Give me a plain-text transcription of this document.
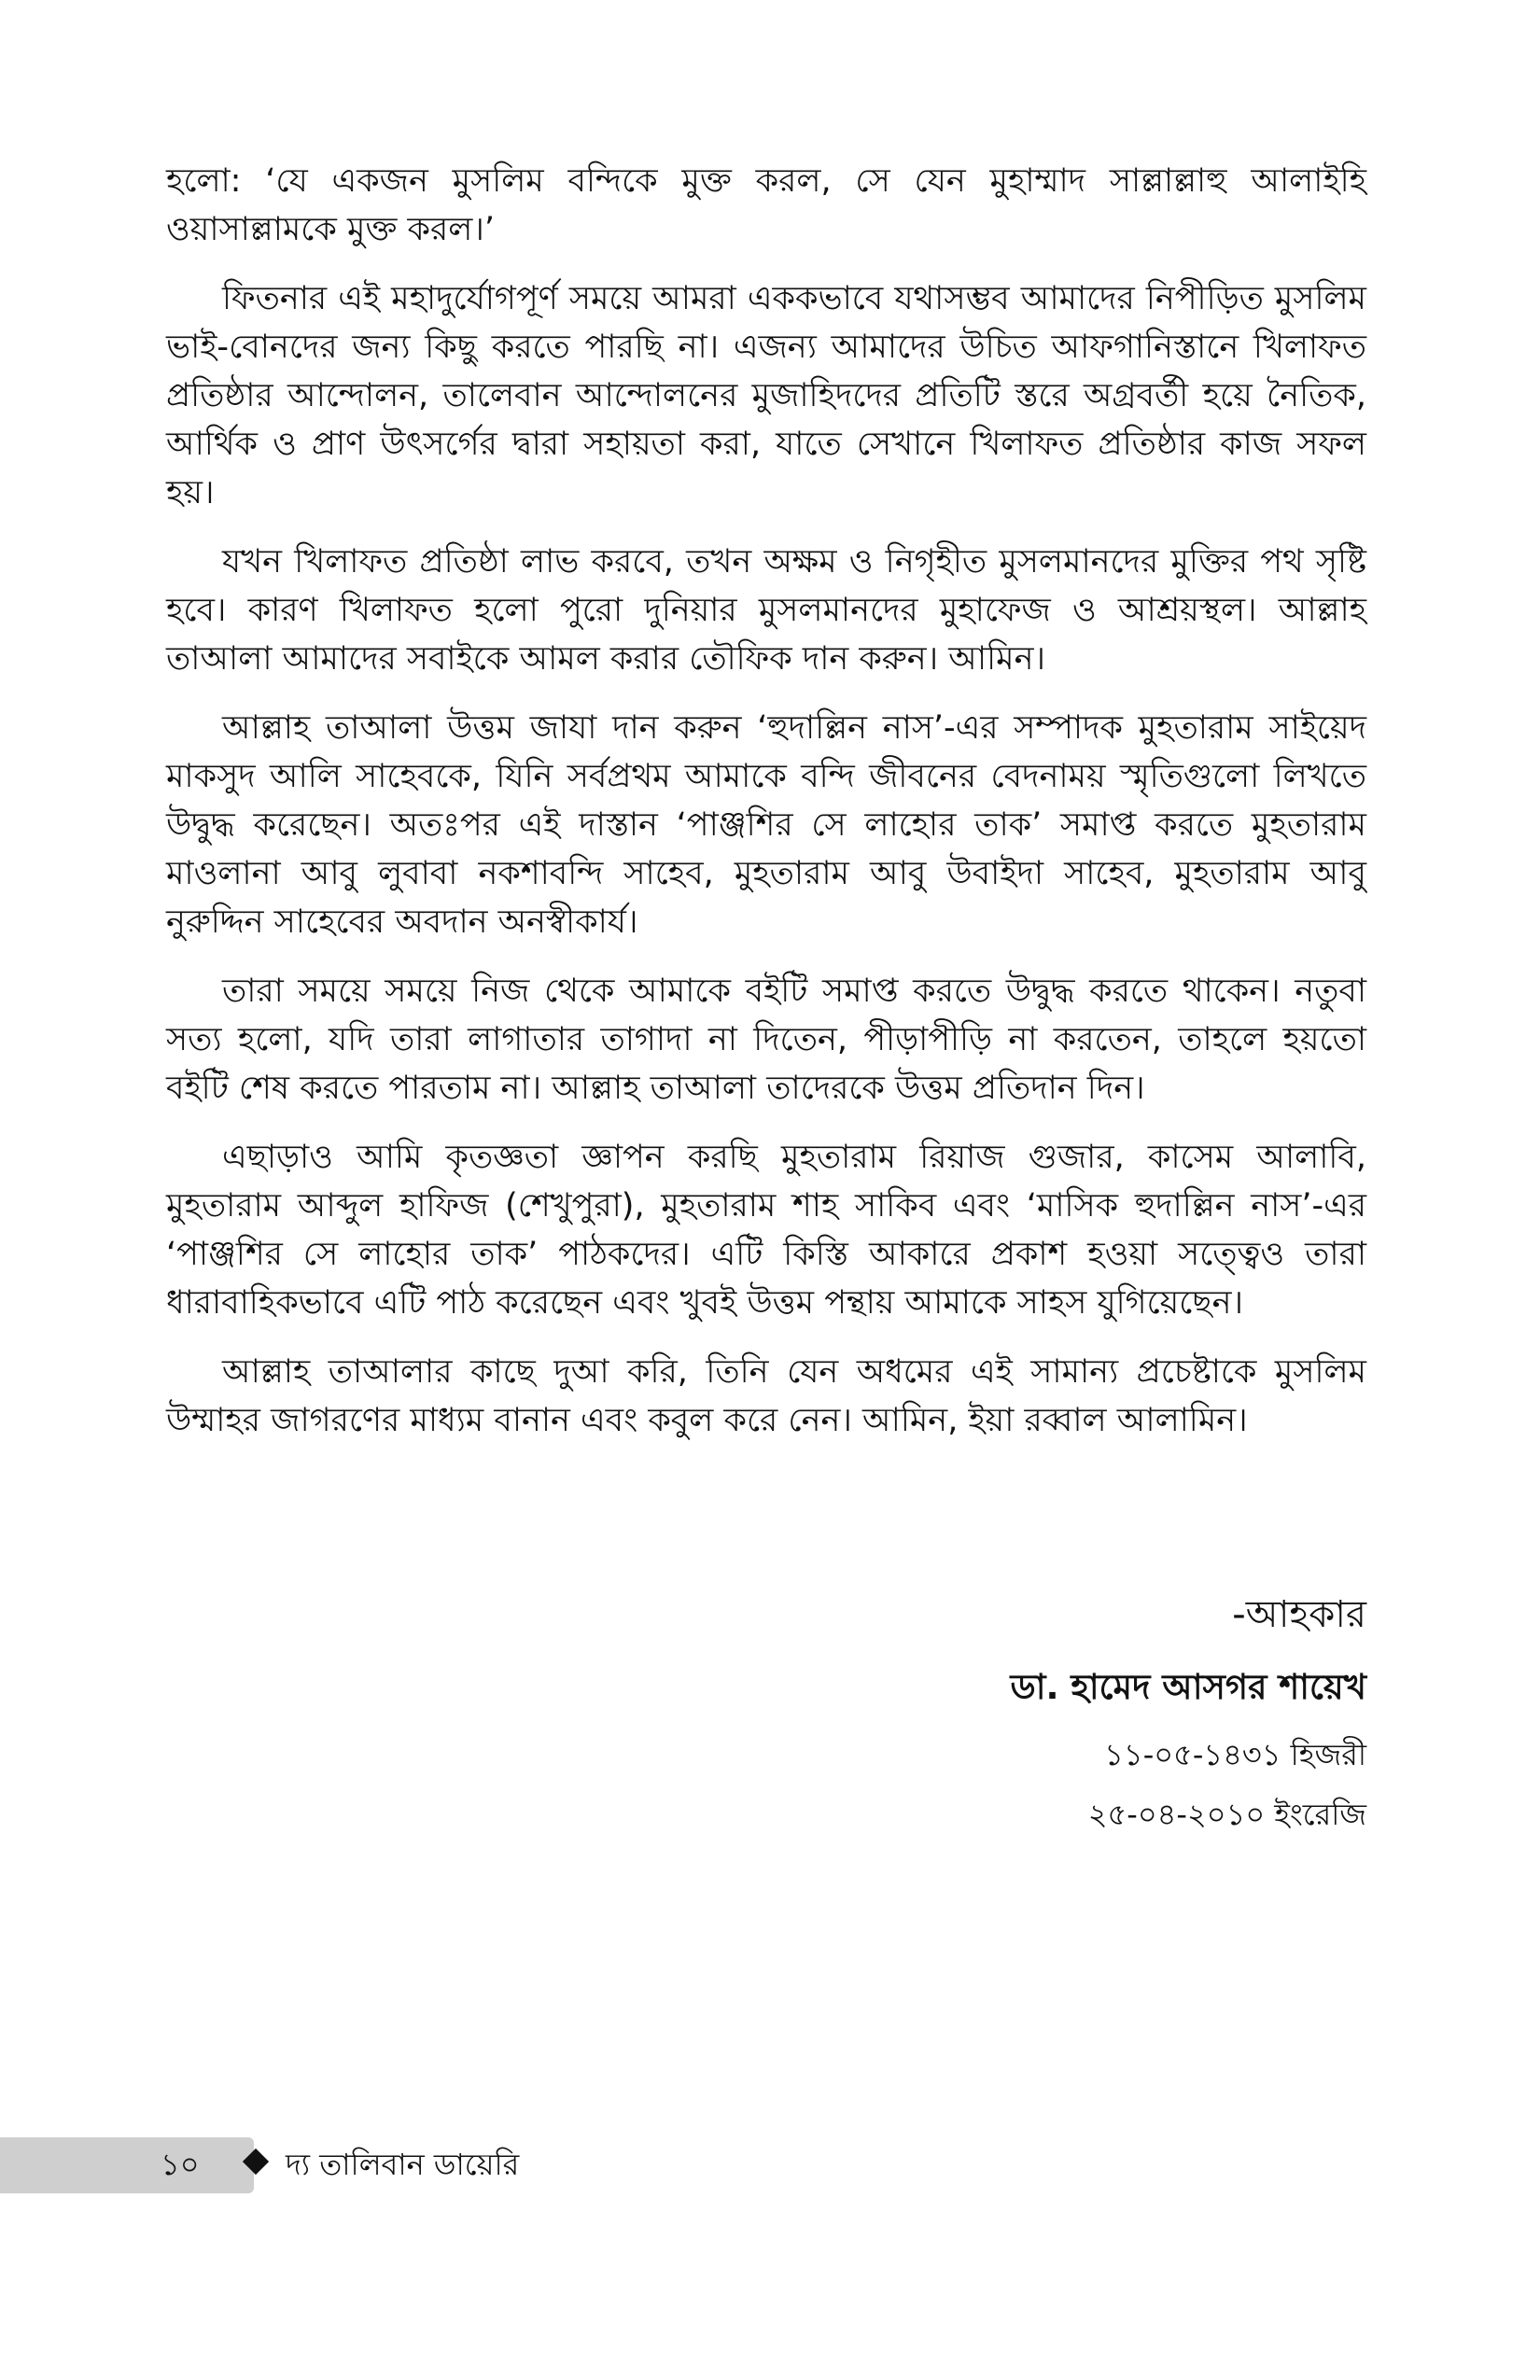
হলো: ‘যে একজন মুসলিম বন্দিকে মুক্ত করল, সে যেন মুহাম্মাদ সাল্লাল্লাহু আলাইহি ওয়াসাল্লামকে মুক্ত করল।’

ফিতনার এই মহাদুর্যোগপূর্ণ সময়ে আমরা এককভাবে যথাসম্ভব আমাদের নিপীড়িত মুসলিম ভাই-বোনদের জন্য কিছু করতে পারছি না। এজন্য আমাদের উচিত আফগানিস্তানে খিলাফত প্রতিষ্ঠার আন্দোলন, তালেবান আন্দোলনের মুজাহিদদের প্রতিটি স্তরে অগ্রবর্তী হয়ে নৈতিক, আর্থিক ও প্রাণ উৎসর্গের দ্বারা সহায়তা করা, যাতে সেখানে খিলাফত প্রতিষ্ঠার কাজ সফল হয়।

যখন খিলাফত প্রতিষ্ঠা লাভ করবে, তখন অক্ষম ও নিগৃহীত মুসলমানদের মুক্তির পথ সৃষ্টি হবে। কারণ খিলাফত হলো পুরো দুনিয়ার মুসলমানদের মুহাফেজ ও আশ্রয়স্থল। আল্লাহ তাআলা আমাদের সবাইকে আমল করার তৌফিক দান করুন। আমিন।

আল্লাহ তাআলা উত্তম জাযা দান করুন ‘হুদাল্লিন নাস’-এর সম্পাদক মুহতারাম সাইয়েদ মাকসুদ আলি সাহেবকে, যিনি সর্বপ্রথম আমাকে বন্দি জীবনের বেদনাময় স্মৃতিগুলো লিখতে উদ্বুদ্ধ করেছেন। অতঃপর এই দাস্তান ‘পাঞ্জশির সে লাহোর তাক’ সমাপ্ত করতে মুহতারাম মাওলানা আবু লুবাবা নকশাবন্দি সাহেব, মুহতারাম আবু উবাইদা সাহেব, মুহতারাম আবু নুরুদ্দিন সাহেবের অবদান অনস্বীকার্য।

তারা সময়ে সময়ে নিজ থেকে আমাকে বইটি সমাপ্ত করতে উদ্বুদ্ধ করতে থাকেন। নতুবা সত্য হলো, যদি তারা লাগাতার তাগাদা না দিতেন, পীড়াপীড়ি না করতেন, তাহলে হয়তো বইটি শেষ করতে পারতাম না। আল্লাহ তাআলা তাদেরকে উত্তম প্রতিদান দিন।

এছাড়াও আমি কৃতজ্ঞতা জ্ঞাপন করছি মুহতারাম রিয়াজ গুজার, কাসেম আলাবি, মুহতারাম আব্দুল হাফিজ (শেখুপুরা), মুহতারাম শাহ সাকিব এবং ‘মাসিক হুদাল্লিন নাস’-এর ‘পাঞ্জশির সে লাহোর তাক’ পাঠকদের। এটি কিস্তি আকারে প্রকাশ হওয়া সত্ত্বেও তারা ধারাবাহিকভাবে এটি পাঠ করেছেন এবং খুবই উত্তম পন্থায় আমাকে সাহস যুগিয়েছেন।

আল্লাহ তাআলার কাছে দুআ করি, তিনি যেন অধমের এই সামান্য প্রচেষ্টাকে মুসলিম উম্মাহর জাগরণের মাধ্যম বানান এবং কবুল করে নেন। আমিন, ইয়া রব্বাল আলামিন।

-আহকার
ডা. হামেদ আসগর শায়েখ
১১-০৫-১৪৩১ হিজরী
২৫-০৪-২০১০ ইংরেজি
১০	দ্য তালিবান ডায়েরি
